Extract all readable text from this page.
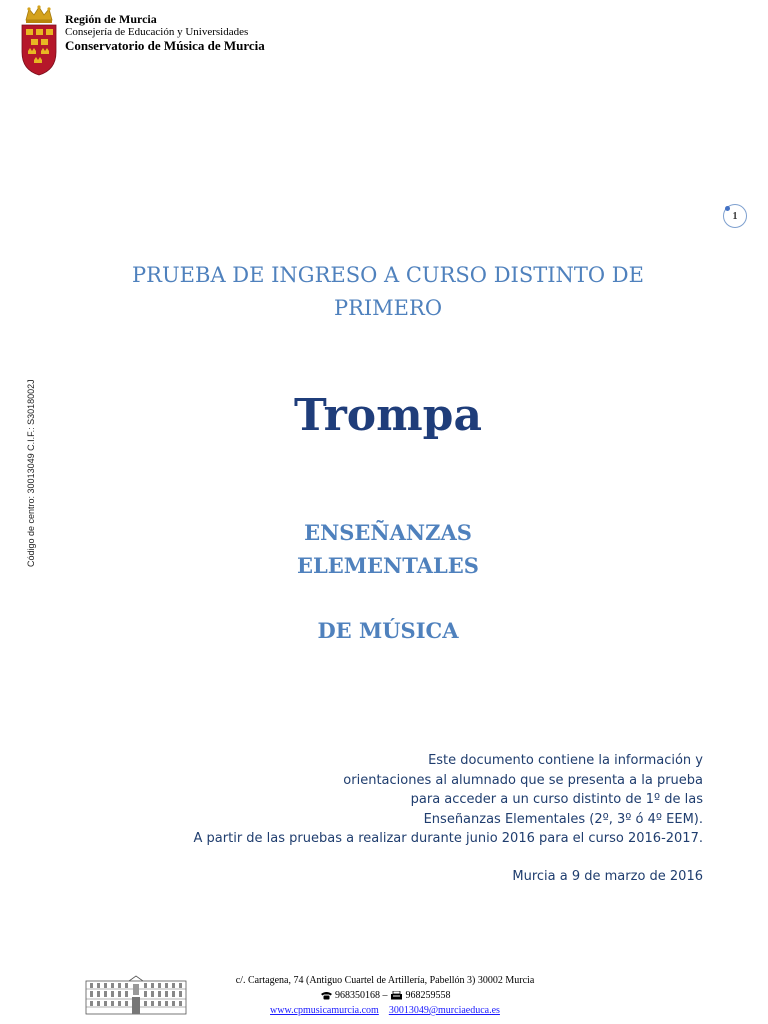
Región de Murcia
Consejería de Educación y Universidades
Conservatorio de Música de Murcia
Código de centro: 30013049 C.I.F.: S3018002J
1
PRUEBA DE INGRESO A CURSO DISTINTO DE
PRIMERO
Trompa
ENSEÑANZAS
ELEMENTALES
DE MÚSICA
Este documento contiene la información y
orientaciones al alumnado que se presenta a la prueba
para acceder a un curso distinto de 1º de las
Enseñanzas Elementales (2º, 3º ó 4º EEM).
A partir de las pruebas a realizar durante junio 2016 para el curso 2016-2017.
Murcia a 9 de marzo de 2016
c/. Cartagena, 74 (Antiguo Cuartel de Artillería, Pabellón 3) 30002 Murcia
968350168 – 968259558
www.cpmusicamurcia.com 30013049@murciaeduca.es
